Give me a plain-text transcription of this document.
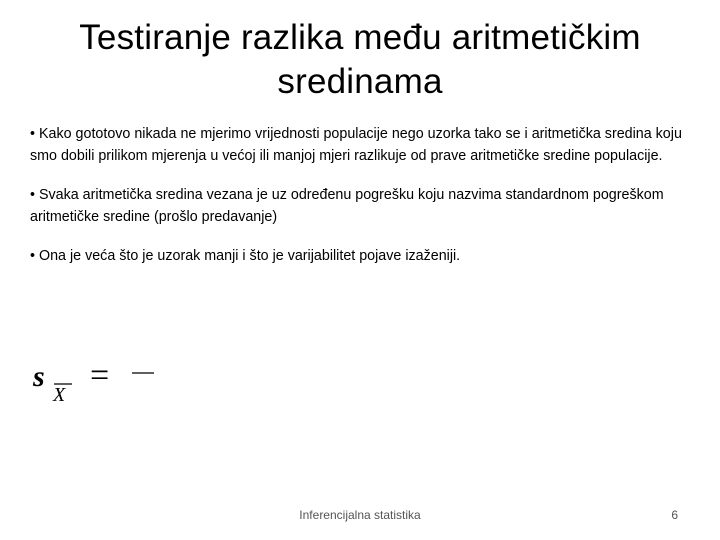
Testiranje razlika među aritmetičkim sredinama

• Kako gototovo nikada ne mjerimo vrijednosti populacije nego uzorka tako se i aritmetička sredina koju smo dobili prilikom mjerenja u većoj ili manjoj mjeri razlikuje od prave aritmetičke sredine populacije.

• Svaka aritmetička sredina vezana je uz određenu pogrešku koju nazvima standardnom pogreškom aritmetičke sredine (prošlo predavanje)

• Ona je veća što je uzorak manji i što je varijabilitet pojave izaženiji.

s
X
=
Inferencijalna statistika	6
